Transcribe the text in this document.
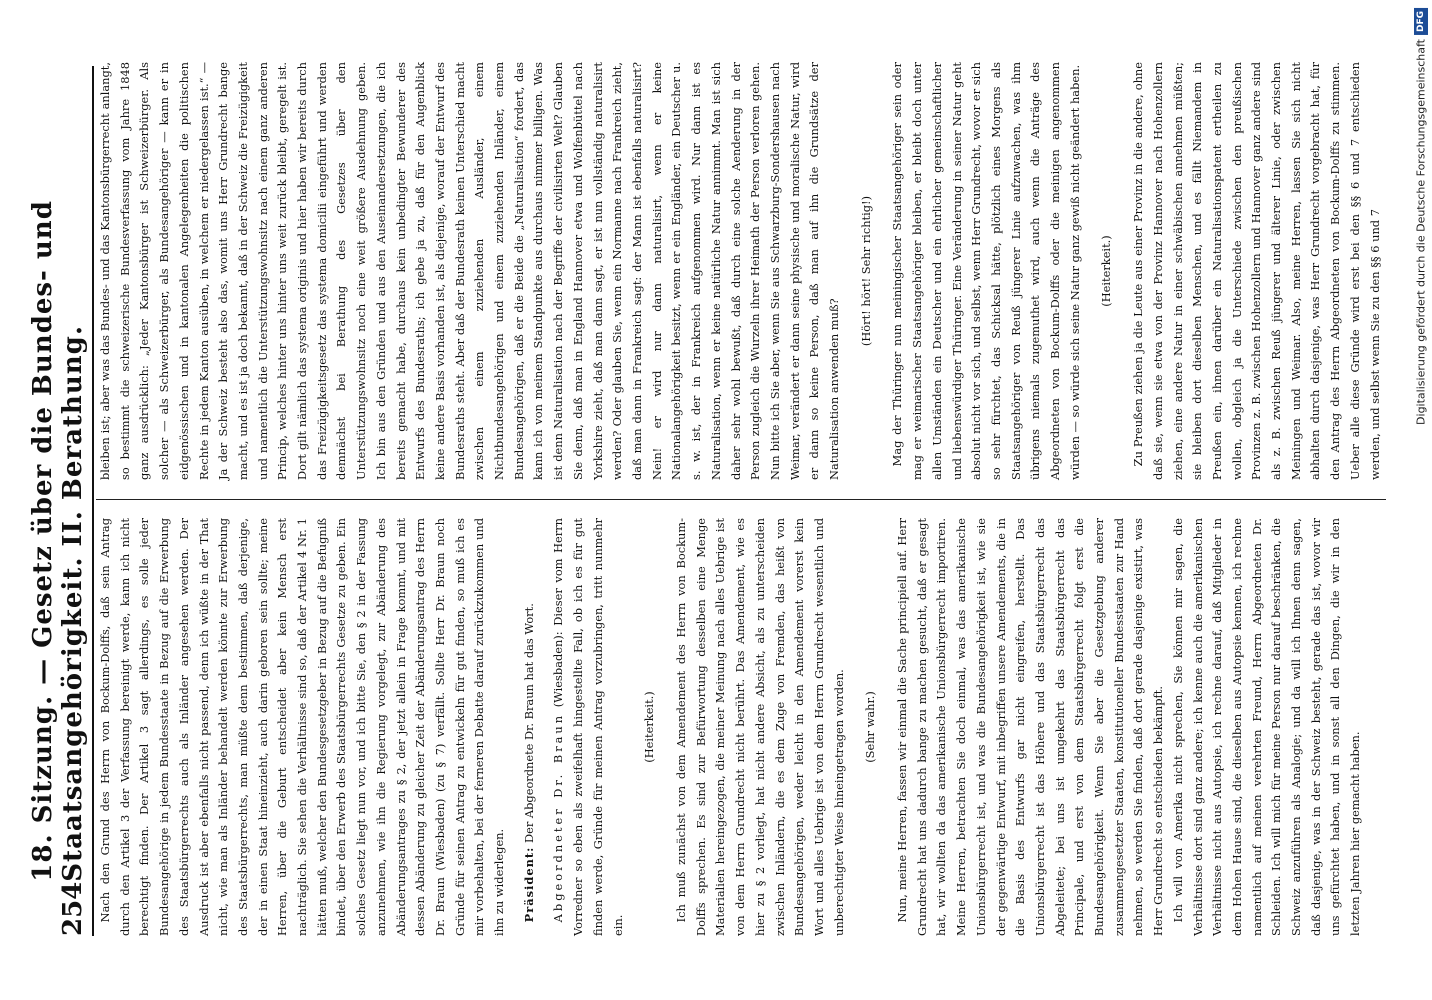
254
18. Sitzung. — Gesetz über die Bundes- und Staatsangehörigkeit. II. Berathung. Nach den Grund des Herrn von Bockum-Dolffs, daß sein Antrag durch den Artikel 3 der Verfassung bereinigt werde, kann ich nicht berechtigt finden. Der Artikel 3 sagt allerdings, es solle jeder Bundesangehörige in jedem Bundesstaate in Bezug auf die Erwerbung des Staatsbürgerrechts auch als Inländer angesehen werden. Der Ausdruck ist aber ebenfalls nicht passend, denn ich wüßte in der That nicht, wie man als Inländer behandelt werden könnte zur Erwerbung des Staatsbürgerrechts, man müßte denn bestimmen, daß derjenige, der in einen Staat hineinzieht, auch darin geboren sein sollte; meine Herren, über die Geburt entscheidet aber kein Mensch erst nachträglich. Sie sehen die Verhältnisse sind so, daß der Artikel 4 Nr. 1 hätten muß, welcher den Bundesgesetzgeber in Bezug auf die Befugniß bindet, über den Erwerb des Staatsbürgerrechts Gesetze zu geben. Ein solches Gesetz liegt nun vor, und ich bitte Sie, den § 2 in der Fassung anzunehmen, wie ihn die Regierung vorgelegt, zur Abänderung des Abänderungsantrages zu § 2, der jetzt allein in Frage kommt, und mit dessen Abänderung zu gleicher Zeit der Abänderungsantrag des Herrn Dr. Braun (Wiesbaden) (zu § 7) verfällt. Sollte Herr Dr. Braun noch Gründe für seinen Antrag zu entwickeln für gut finden, so muß ich es mir vorbehalten, bei der ferneren Debatte darauf zurückzukommen und ihn zu widerlegen.	Präsident: Der Abgeordnete Dr. Braun hat das Wort.	Abgeordneter Dr. Braun (Wiesbaden): Dieser vom Herrn Vorredner so eben als zweifelhaft hingestellte Fall, ob ich es für gut finden werde, Gründe für meinen Antrag vorzubringen, tritt nunmehr ein.

(Heiterkeit.)	Ich muß zunächst von dem Amendement des Herrn von Bockum-Dolffs sprechen. Es sind zur Befürwortung desselben eine Menge Materialien hereingezogen, die meiner Meinung nach alles Uebrige ist von dem Herrn Grundrecht nicht berührt. Das Amendement, wie es hier zu § 2 vorliegt, hat nicht andere Absicht, als zu unterscheiden zwischen Inländern, die es dem Zuge von Fremden, das heißt von Bundesangehörigen, weder leicht in den Amendement vorerst kein Wort und alles Uebrige ist von dem Herrn Grundrecht wesentlich und unberechtigter Weise hineingetragen worden.	(Sehr wahr.)	Nun, meine Herren, fassen wir einmal die Sache principiell auf. Herr Grundrecht hat uns dadurch bange zu machen gesucht, daß er gesagt hat, wir wollten da das amerikanische Unionsbürgerrecht importiren. Meine Herren, betrachten Sie doch einmal, was das amerikanische Unionsbürgerrecht ist, und was die Bundesangehörigkeit ist, wie sie der gegenwärtige Entwurf, mit inbegriffen unsere Amendements, die in die Basis des Entwurfs gar nicht eingreifen, herstellt. Das Unionsbürgerrecht ist das Höhere und das Staatsbürgerrecht das Abgeleitete; bei uns ist umgekehrt das Staatsbürgerrecht das Principale, und erst von dem Staatsbürgerrecht folgt erst die Bundesangehörigkeit. Wenn Sie aber die Gesetzgebung anderer zusammengesetzter Staaten, konstitutioneller Bundesstaaten zur Hand nehmen, so werden Sie finden, daß dort gerade dasjenige existirt, was Herr Grundrecht so entschieden bekämpft. Ich will von Amerika nicht sprechen, Sie können mir sagen, die Verhältnisse dort sind ganz andere; ich kenne auch die amerikanischen Verhältnisse nicht aus Autopsie, ich rechne darauf, daß Mitglieder in dem Hohen Hause sind, die dieselben aus Autopsie kennen, ich rechne namentlich auf meinen verehrten Freund, Herrn Abgeordneten Dr. Schleiden. Ich will mich für meine Person nur darauf beschränken, die Schweiz anzuführen als Analogie; und da will ich Ihnen denn sagen, daß dasjenige, was in der Schweiz besteht, gerade das ist, wovor wir uns gefürchtet haben, und in sonst all den Dingen, die wir in den letzten Jahren hier gemacht haben.

bleiben ist; aber was das Bundes- und das Kantonsbürgerrecht anlangt, so bestimmt die schweizerische Bundesverfassung vom Jahre 1848 ganz ausdrücklich: „Jeder Kantonsbürger ist Schweizerbürger. Als solcher — als Schweizerbürger, als Bundesangehöriger — kann er in eidgenössischen und in kantonalen Angelegenheiten die politischen Rechte in jedem Kanton ausüben, in welchem er niedergelassen ist.“ — Ja der Schweiz besteht also das, womit uns Herr Grundrecht bange macht, und es ist ja doch bekannt, daß in der Schweiz die Freizügigkeit und namentlich die Unterstützungswohnsitz nach einem ganz anderen Princip, welches hinter uns hinter uns weit zurück bleibt, geregelt ist. Dort gilt nämlich das systema originis und hier haben wir bereits durch das Freizügigkeitsgesetz das systema domicilii eingeführt und werden demnächst bei Berathung des Gesetzes über den Unterstützungswohnsitz noch eine weit größere Ausdehnung geben. Ich bin aus den Gründen und aus den Auseinandersetzungen, die ich bereits gemacht habe, durchaus kein unbedingter Bewunderer des Entwurfs des Bundesraths; ich gebe ja zu, daß für den Augenblick keine andere Basis vorhanden ist, als diejenige, worauf der Entwurf des Bundesraths steht. Aber daß der Bundesrath keinen Unterschied macht zwischen einem zuziehenden Ausländer, einem Nichtbundesangehörigen und einem zuziehenden Inländer, einem Bundesangehörigen, daß er die Beide die „Naturalisation“ fordert, das kann ich von meinem Standpunkte aus durchaus nimmer billigen. Was ist denn Naturalisation nach der Begriffe der civilisirten Welt? Glauben Sie denn, daß man in England Hannover etwa und Wolfenbüttel nach Yorkshire zieht, daß man dann sagt, er ist nun vollständig naturalisirt werden? Oder glauben Sie, wenn ein Normanne nach Frankreich zieht, daß man dann in Frankreich sagt: der Mann ist ebenfalls naturalisirt? Nein! er wird nur dann naturalisirt, wenn er keine Nationalangehörigkeit besitzt, wenn er ein Engländer, ein Deutscher u. s. w. ist, der in Frankreich aufgenommen wird. Nur dann ist es Naturalisation, wenn er keine natürliche Natur annimmt. Man ist sich daher sehr wohl bewußt, daß durch eine solche Aenderung in der Person zugleich die Wurzeln ihrer Heimath der Person verloren gehen. Nun bitte ich Sie aber, wenn Sie aus Schwarzburg-Sondershausen nach Weimar, verändert er dann seine physische und moralische Natur, wird er dann so keine Person, daß man auf ihn die Grundsätze der Naturalisation anwenden muß?

(Hört! hört! Sehr richtig!)	Mag der Thüringer nun meiningischer Staatsangehöriger sein oder mag er weimarischer Staatsangehöriger bleiben, er bleibt doch unter allen Umständen ein Deutscher und ein ehrlicher gemeinschaftlicher und liebenswürdiger Thüringer. Eine Veränderung in seiner Natur geht absolut nicht vor sich, und selbst, wenn Herr Grundrecht, wovor er sich so sehr fürchtet, das Schicksal hätte, plötzlich eines Morgens als Staatsangehöriger von Reuß jüngerer Linie aufzuwachen, was ihm übrigens niemals zugemuthet wird, auch wenn die Anträge des Abgeordneten von Bockum-Dolffs oder die meinigen angenommen würden — so würde sich seine Natur ganz gewiß nicht geändert haben.	(Heiterkeit.)	Zu Preußen ziehen ja die Leute aus einer Provinz in die andere, ohne daß sie, wenn sie etwa von der Provinz Hannover nach Hohenzollern ziehen, eine andere Natur in einer schwäbischen annehmen müßten; sie bleiben dort dieselben Menschen, und es fällt Niemandem in Preußen ein, ihnen darüber ein Naturalisationspatent ertheilen zu wollen, obgleich ja die Unterschiede zwischen den preußischen Provinzen z. B. zwischen Hohenzollern und Hannover ganz andere sind als z. B. zwischen Reuß jüngerer und älterer Linie, oder zwischen Meiningen und Weimar. Also, meine Herren, lassen Sie sich nicht abhalten durch dasjenige, was Herr Grundrecht vorgebracht hat, für den Antrag des Herrn Abgeordneten von Bockum-Dolffs zu stimmen. Ueber alle diese Gründe wird erst bei den §§ 6 und 7 entschieden werden, und selbst wenn Sie zu den §§ 6 und 7	Digitalisierung gefördert durch die Deutsche Forschungsgemeinschaft
DFG
